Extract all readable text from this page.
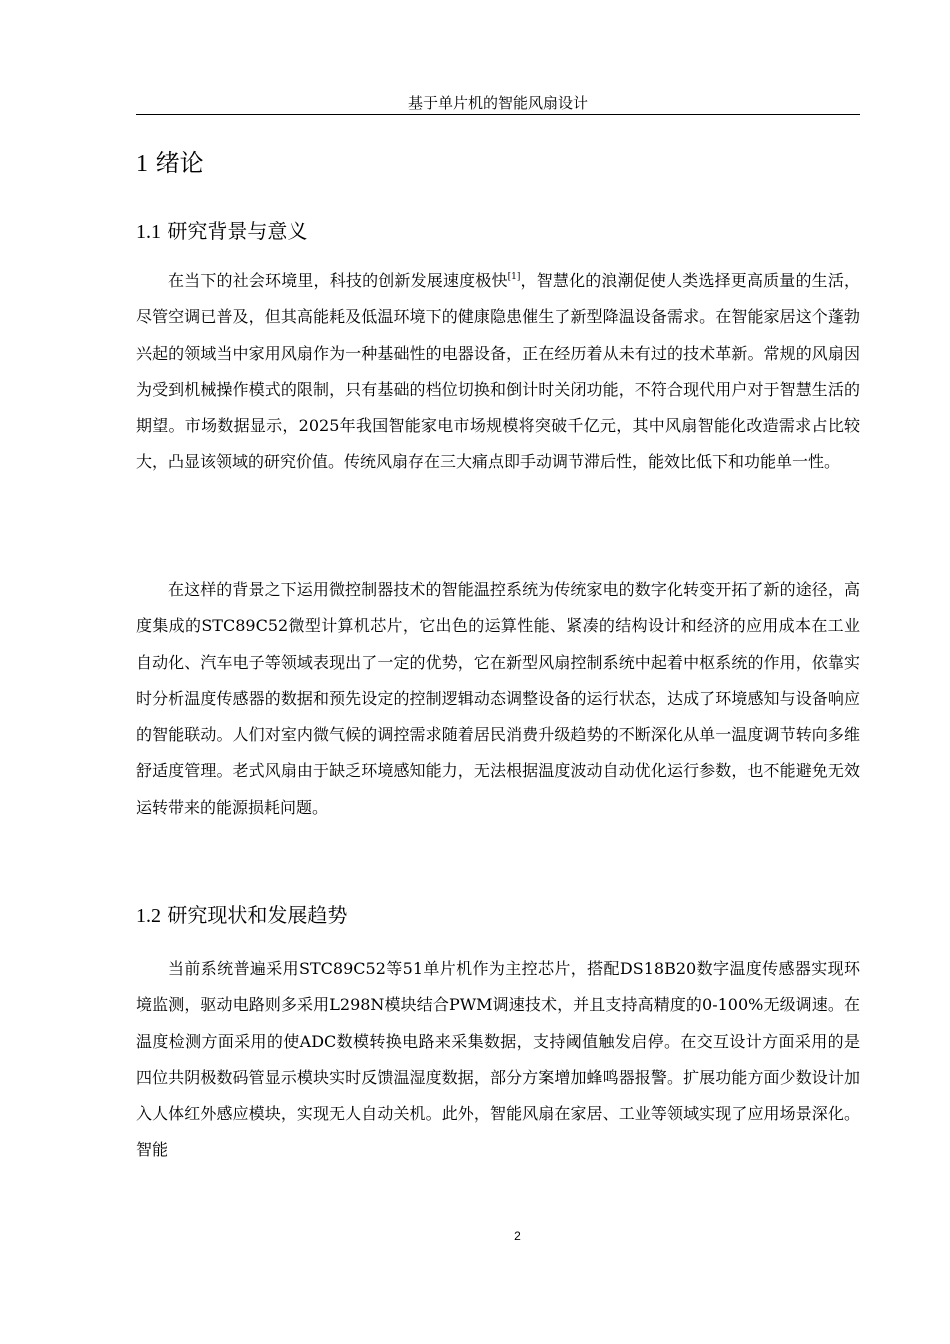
基于单片机的智能风扇设计
1 绪论
1.1 研究背景与意义

在当下的社会环境里，科技的创新发展速度极快[1]，智慧化的浪潮促使人类选择更高质量的生活，尽管空调已普及，但其高能耗及低温环境下的健康隐患催生了新型降温设备需求。在智能家居这个蓬勃兴起的领域当中家用风扇作为一种基础性的电器设备，正在经历着从未有过的技术革新。常规的风扇因为受到机械操作模式的限制，只有基础的档位切换和倒计时关闭功能，不符合现代用户对于智慧生活的期望。市场数据显示，2025年我国智能家电市场规模将突破千亿元，其中风扇智能化改造需求占比较大，凸显该领域的研究价值。传统风扇存在三大痛点即手动调节滞后性，能效比低下和功能单一性。

在这样的背景之下运用微控制器技术的智能温控系统为传统家电的数字化转变开拓了新的途径，高度集成的STC89C52微型计算机芯片，它出色的运算性能、紧凑的结构设计和经济的应用成本在工业自动化、汽车电子等领域表现出了一定的优势，它在新型风扇控制系统中起着中枢系统的作用，依靠实时分析温度传感器的数据和预先设定的控制逻辑动态调整设备的运行状态，达成了环境感知与设备响应的智能联动。人们对室内微气候的调控需求随着居民消费升级趋势的不断深化从单一温度调节转向多维舒适度管理。老式风扇由于缺乏环境感知能力，无法根据温度波动自动优化运行参数，也不能避免无效运转带来的能源损耗问题。

1.2 研究现状和发展趋势

当前系统普遍采用STC89C52等51单片机作为主控芯片，搭配DS18B20数字温度传感器实现环境监测，驱动电路则多采用L298N模块结合PWM调速技术，并且支持高精度的0-100%无级调速。在温度检测方面采用的使ADC数模转换电路来采集数据，支持阈值触发启停。在交互设计方面采用的是四位共阴极数码管显示模块实时反馈温湿度数据，部分方案增加蜂鸣器报警。扩展功能方面少数设计加入人体红外感应模块，实现无人自动关机。此外，智能风扇在家居、工业等领域实现了应用场景深化。智能

2
